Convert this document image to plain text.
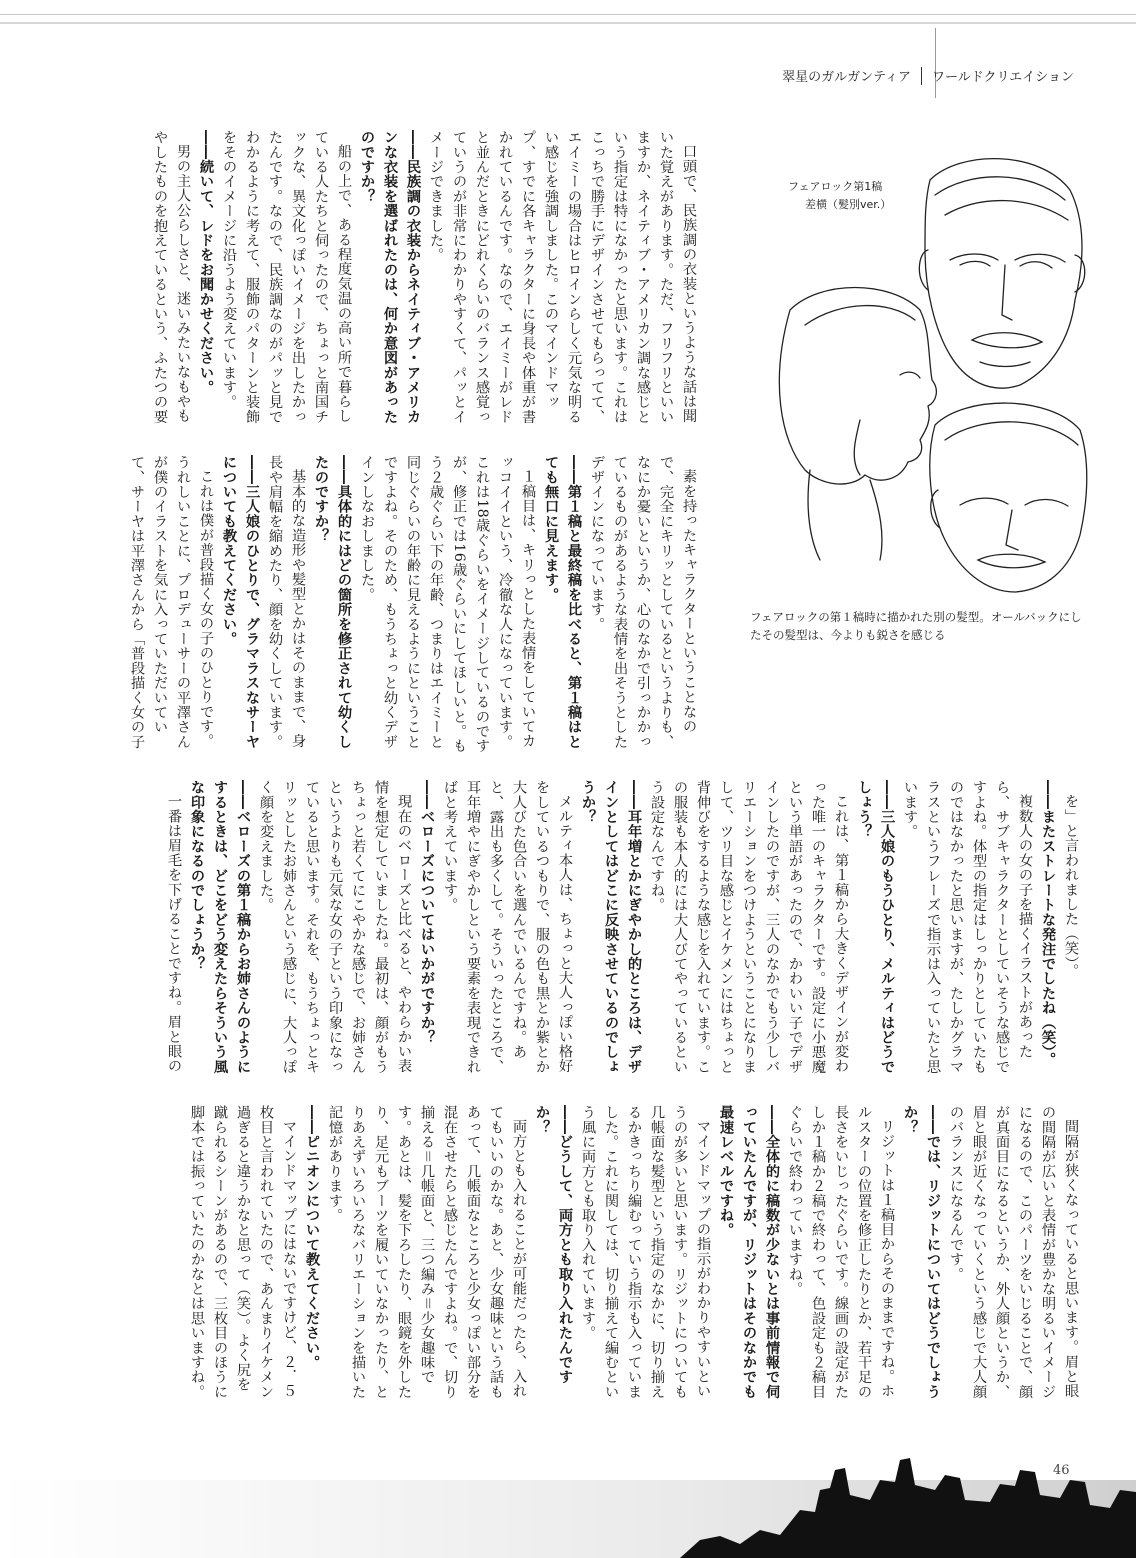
翠星のガルガンティア ワールドクリエイション
フェアロック第1稿
差横（髪別ver.）
フェアロックの第１稿時に描かれた別の髪型。オールバックにしたその髪型は、今よりも鋭さを感じる

口頭で、民族調の衣装というような話は聞いた覚えがあります。ただ、フリフリといいますか、ネイティブ・アメリカン調な感じという指定は特になかったと思います。これはこっちで勝手にデザインさせてもらってて、エイミーの場合はヒロインらしく元気な明るい感じを強調しました。このマインドマップ、すでに各キャラクターに身長や体重が書かれているんです。なので、エイミーがレドと並んだときにどれくらいのバランス感覚っていうのが非常にわかりやすくて、パッとイメージできました。

――民族調の衣装からネイティブ・アメリカンな衣装を選ばれたのは、何か意図があったのですか？

船の上で、ある程度気温の高い所で暮らしている人たちと伺ったので、ちょっと南国チックな、異文化っぽいイメージを出したかったんです。なので、民族調なのがパッと見でわかるように考えて、服飾のパターンと装飾をそのイメージに沿うよう変えています。

――続いて、レドをお聞かせください。

男の主人公らしさと、迷いみたいなもやもやしたものを抱えているという、ふたつの要

素を持ったキャラクターということなので、完全にキリッとしているというよりも、なにか憂いというか、心のなかで引っかかっているものがあるような表情を出そうとしたデザインになっています。

――第１稿と最終稿を比べると、第１稿はとても無口に見えます。

１稿目は、キリっとした表情をしていてカッコイイという、冷徹な人になっています。これは18歳ぐらいをイメージしているのですが、修正では16歳ぐらいにしてほしいと。もう２歳ぐらい下の年齢、つまりはエイミーと同じぐらいの年齢に見えるようにということですよね。そのため、もうちょっと幼くデザインしなおしました。

――具体的にはどの箇所を修正されて幼くしたのですか？

基本的な造形や髪型とかはそのままで、身長や肩幅を縮めたり、顔を幼くしています。

――三人娘のひとりで、グラマラスなサーヤについても教えてください。

これは僕が普段描く女の子のひとりです。うれしいことに、プロデューサーの平澤さんが僕のイラストを気に入っていただいていて、サーヤは平澤さんから「普段描く女の子

を」と言われました（笑）。

――またストレートな発注でしたね（笑）。

複数人の女の子を描くイラストがあったら、サブキャラクターとしていそうな感じですよね。体型の指定はしっかりとしていたものではなかったと思いますが、たしかグラマラスというフレーズで指示は入っていたと思います。

――三人娘のもうひとり、メルティはどうでしょう？

これは、第１稿から大きくデザインが変わった唯一のキャラクターです。設定に小悪魔という単語があったので、かわいい子でデザインしたのですが、三人のなかでもう少しバリエーションをつけようということになりまして、ツリ目な感じとイケメンにはちょっと背伸びをするような感じを入れています。この服装も本人的には大人びてやっているという設定なんですね。

――耳年増とかにぎやかし的ところは、デザインとしてはどこに反映させているのでしょうか？

メルティ本人は、ちょっと大人っぽい格好をしているつもりで、服の色も黒とか紫とか大人びた色合いを選んでいるんですね。あと、露出も多くして。そういったところで、耳年増やにぎやかしという要素を表現できればと考えています。

――ベローズについてはいかがですか？

現在のベローズと比べると、やわらかい表情を想定していましたね。最初は、顔がもうちょっと若くてにこやかな感じで、お姉さんというよりも元気な女の子という印象になっていると思います。それを、もうちょっとキリッとしたお姉さんという感じに、大人っぽく顔を変えました。

――ベローズの第１稿からお姉さんのようにするときは、どこをどう変えたらそういう風な印象になるのでしょうか？

一番は眉毛を下げることですね。眉と眼の

間隔が狭くなっていると思います。眉と眼の間隔が広いと表情が豊かな明るいイメージになるので、このパーツをいじることで、顔が真面目になるというか、外人顔というか、眉と眼が近くなっていくという感じで大人顔のバランスになるんです。

――では、リジットについてはどうでしょうか？

リジットは１稿目からそのままですね。ホルスターの位置を修正したりとか、若干足の長さをいじったぐらいです。線画の設定がたしか１稿か２稿で終わって、色設定も２稿目ぐらいで終わっていますね。

――全体的に稿数が少ないとは事前情報で伺っていたんですが、リジットはそのなかでも最速レベルですね。

マインドマップの指示がわかりやすいというのが多いと思います。リジットについても几帳面な髪型という指定のなかに、切り揃えるかきっちり編むっていう指示も入っていました。これに関しては、切り揃えて編むという風に両方とも取り入れています。

――どうして、両方とも取り入れたんですか？

両方とも入れることが可能だったら、入れてもいいのかな。あと、少女趣味という話もあって、几帳面なところと少女っぽい部分を混在させたらと感じたんですよね。で、切り揃える＝几帳面と、三つ編み＝少女趣味です。あとは、髪を下ろしたり、眼鏡を外したり、足元もブーツを履いていなかったり、とりあえずいろいろなバリエーションを描いた記憶があります。

――ピニオンについて教えてください。

マインドマップにはないですけど、２．５枚目と言われていたので、あんまりイケメン過ぎると違うかなと思って（笑）。よく尻を蹴られるシーンがあるので、三枚目のほうに脚本では振っていたのかなとは思いますね。

46
